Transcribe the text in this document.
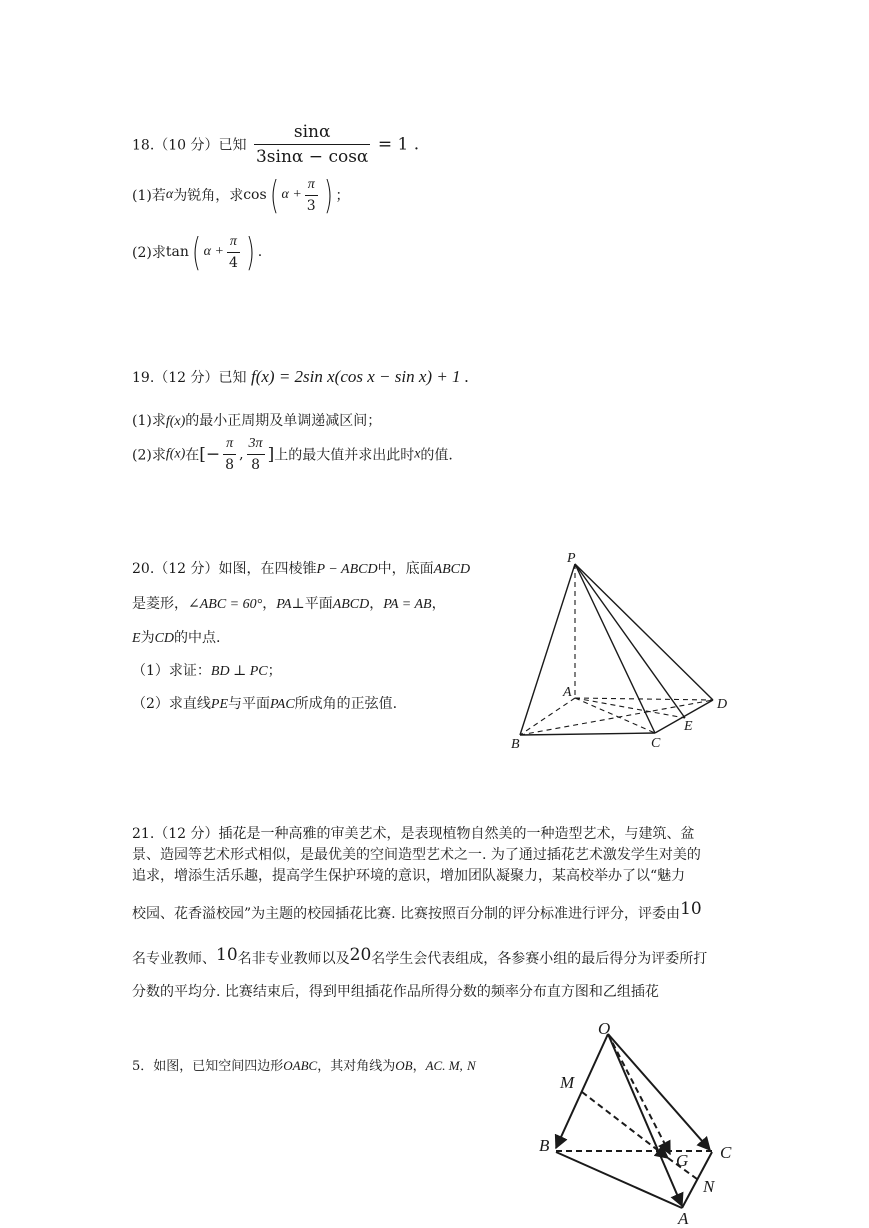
18.（10 分）已知 $\frac{\sin\alpha}{3\sin\alpha - \cos\alpha} = 1$ .
(1)若α为锐角，求cos( $\alpha + \frac{\pi}{3}$ ) ；
(2)求tan( $\alpha + \frac{\pi}{4}$ ) .
19.（12 分）已知 f(x) = 2sin x(cos x − sin x) + 1 .
(1)求f(x)的最小正周期及单调递减区间；
(2)求f(x)在[− $\frac{\pi}{8}$ , $\frac{3\pi}{8}$ ]上的最大值并求出此时x的值.
20.（12 分）如图，在四棱锥P − ABCD中，底面ABCD
是菱形，∠ABC = 60°，PA⊥平面ABCD，PA = AB，
E为CD的中点.
（1）求证：BD ⊥ PC；
（2）求直线PE与平面PAC所成角的正弦值.
P
A
B	C
D
E
21.（12 分）插花是一种高雅的审美艺术，是表现植物自然美的一种造型艺术，与建筑、盆
景、造园等艺术形式相似，是最优美的空间造型艺术之一. 为了通过插花艺术激发学生对美的
追求，增添生活乐趣，提高学生保护环境的意识，增加团队凝聚力，某高校举办了以“魅力
校园、花香溢校园”为主题的校园插花比赛. 比赛按照百分制的评分标准进行评分，评委由10
名专业教师、10名非专业教师以及20名学生会代表组成，各参赛小组的最后得分为评委所打
分数的平均分. 比赛结束后，得到甲组插花作品所得分数的频率分布直方图和乙组插花
5．如图，已知空间四边形OABC，其对角线为OB，AC. M, N
O
M
B
G C
N
A
